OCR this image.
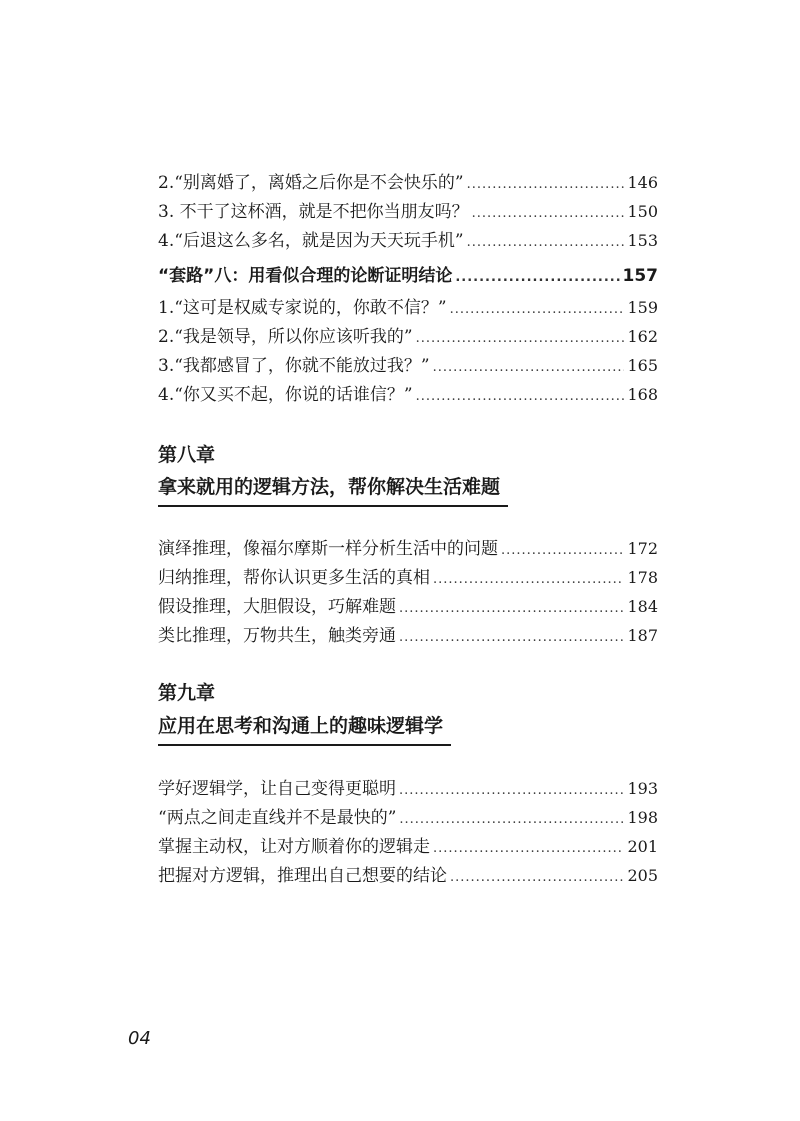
2.“别离婚了，离婚之后你是不会快乐的” .....	146
3. 不干了这杯酒，就是不把你当朋友吗？ .....	150
4.“后退这么多名，就是因为天天玩手机” .....	153
“套路”八：用看似合理的论断证明结论 .....	157
1.“这可是权威专家说的，你敢不信？” .....	159
2.“我是领导，所以你应该听我的” .....	162
3.“我都感冒了，你就不能放过我？” .....	165
4.“你又买不起，你说的话谁信？” .....	168
第八章
拿来就用的逻辑方法，帮你解决生活难题
演绎推理，像福尔摩斯一样分析生活中的问题 .....	172
归纳推理，帮你认识更多生活的真相 .....	178
假设推理，大胆假设，巧解难题 .....	184
类比推理，万物共生，触类旁通 .....	187
第九章
应用在思考和沟通上的趣味逻辑学
学好逻辑学，让自己变得更聪明 .....	193
“两点之间走直线并不是最快的” .....	198
掌握主动权，让对方顺着你的逻辑走 .....	201
把握对方逻辑，推理出自己想要的结论 .....	205
04
